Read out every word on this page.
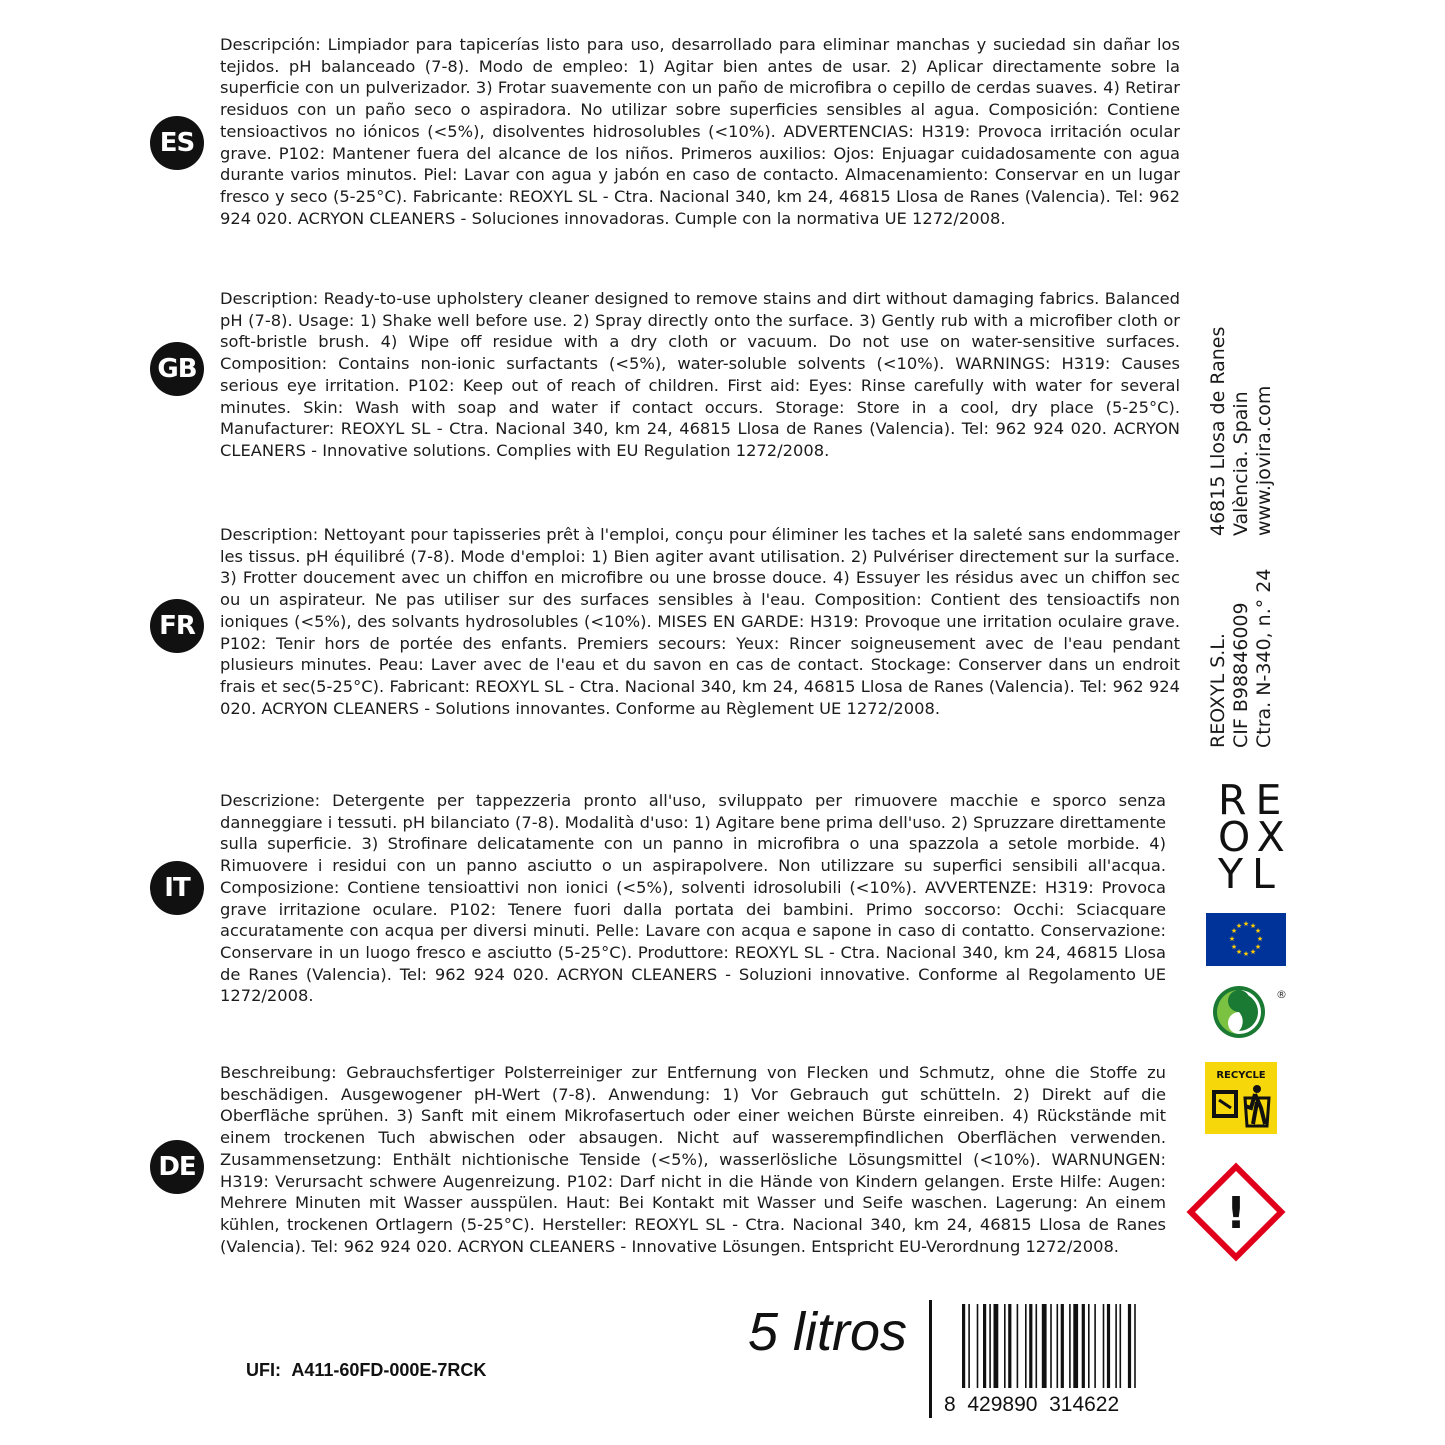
ES

Descripción: Limpiador para tapicerías listo para uso, desarrollado para eliminar manchas y suciedad sin dañar los tejidos. pH balanceado (7-8). Modo de empleo: 1) Agitar bien antes de usar. 2) Aplicar directamente sobre la superficie con un pulverizador. 3) Frotar suavemente con un paño de microfibra o cepillo de cerdas suaves. 4) Retirar residuos con un paño seco o aspiradora. No utilizar sobre superficies sensibles al agua. Composición: Contiene tensioactivos no iónicos (<5%), disolventes hidrosolubles (<10%). ADVERTENCIAS: H319: Provoca irritación ocular grave. P102: Mantener fuera del alcance de los niños. Primeros auxilios: Ojos: Enjuagar cuidadosamente con agua durante varios minutos. Piel: Lavar con agua y jabón en caso de contacto. Almacenamiento: Conservar en un lugar fresco y seco (5-25°C). Fabricante: REOXYL SL - Ctra. Nacional 340, km 24, 46815 Llosa de Ranes (Valencia). Tel: 962 924 020. ACRYON CLEANERS - Soluciones innovadoras. Cumple con la normativa UE 1272/2008.

GB

Description: Ready-to-use upholstery cleaner designed to remove stains and dirt without damaging fabrics. Balanced pH (7-8). Usage: 1) Shake well before use. 2) Spray directly onto the surface. 3) Gently rub with a microfiber cloth or soft-bristle brush. 4) Wipe off residue with a dry cloth or vacuum. Do not use on water-sensitive surfaces. Composition: Contains non-ionic surfactants (<5%), water-soluble solvents (<10%). WARNINGS: H319: Causes serious eye irritation. P102: Keep out of reach of children. First aid: Eyes: Rinse carefully with water for several minutes. Skin: Wash with soap and water if contact occurs. Storage: Store in a cool, dry place (5-25°C). Manufacturer: REOXYL SL - Ctra. Nacional 340, km 24, 46815 Llosa de Ranes (Valencia). Tel: 962 924 020. ACRYON CLEANERS - Innovative solutions. Complies with EU Regulation 1272/2008.

FR

Description: Nettoyant pour tapisseries prêt à l'emploi, conçu pour éliminer les taches et la saleté sans endommager les tissus. pH équilibré (7-8). Mode d'emploi: 1) Bien agiter avant utilisation. 2) Pulvériser directement sur la surface. 3) Frotter doucement avec un chiffon en microfibre ou une brosse douce. 4) Essuyer les résidus avec un chiffon sec ou un aspirateur. Ne pas utiliser sur des surfaces sensibles à l'eau. Composition: Contient des tensioactifs non ioniques (<5%), des solvants hydrosolubles (<10%). MISES EN GARDE: H319: Provoque une irritation oculaire grave. P102: Tenir hors de portée des enfants. Premiers secours: Yeux: Rincer soigneusement avec de l'eau pendant plusieurs minutes. Peau: Laver avec de l'eau et du savon en cas de contact. Stockage: Conserver dans un endroit frais et sec(5-25°C). Fabricant: REOXYL SL - Ctra. Nacional 340, km 24, 46815 Llosa de Ranes (Valencia). Tel: 962 924 020. ACRYON CLEANERS - Solutions innovantes. Conforme au Règlement UE 1272/2008.

IT

Descrizione: Detergente per tappezzeria pronto all'uso, sviluppato per rimuovere macchie e sporco senza danneggiare i tessuti. pH bilanciato (7-8). Modalità d'uso: 1) Agitare bene prima dell'uso. 2) Spruzzare direttamente sulla superficie. 3) Strofinare delicatamente con un panno in microfibra o una spazzola a setole morbide. 4) Rimuovere i residui con un panno asciutto o un aspirapolvere. Non utilizzare su superfici sensibili all'acqua. Composizione: Contiene tensioattivi non ionici (<5%), solventi idrosolubili (<10%). AVVERTENZE: H319: Provoca grave irritazione oculare. P102: Tenere fuori dalla portata dei bambini. Primo soccorso: Occhi: Sciacquare accuratamente con acqua per diversi minuti. Pelle: Lavare con acqua e sapone in caso di contatto. Conservazione: Conservare in un luogo fresco e asciutto (5-25°C). Produttore: REOXYL SL - Ctra. Nacional 340, km 24, 46815 Llosa de Ranes (Valencia). Tel: 962 924 020. ACRYON CLEANERS - Soluzioni innovative. Conforme al Regolamento UE 1272/2008.

DE

Beschreibung: Gebrauchsfertiger Polsterreiniger zur Entfernung von Flecken und Schmutz, ohne die Stoffe zu beschädigen. Ausgewogener pH-Wert (7-8). Anwendung: 1) Vor Gebrauch gut schütteln. 2) Direkt auf die Oberfläche sprühen. 3) Sanft mit einem Mikrofasertuch oder einer weichen Bürste einreiben. 4) Rückstände mit einem trockenen Tuch abwischen oder absaugen. Nicht auf wasserempfindlichen Oberflächen verwenden. Zusammensetzung: Enthält nichtionische Tenside (<5%), wasserlösliche Lösungsmittel (<10%). WARNUNGEN: H319: Verursacht schwere Augenreizung. P102: Darf nicht in die Hände von Kindern gelangen. Erste Hilfe: Augen: Mehrere Minuten mit Wasser ausspülen. Haut: Bei Kontakt mit Wasser und Seife waschen. Lagerung: An einem kühlen, trockenen Ortlagern (5-25°C). Hersteller: REOXYL SL - Ctra. Nacional 340, km 24, 46815 Llosa de Ranes (Valencia). Tel: 962 924 020. ACRYON CLEANERS - Innovative Lösungen. Entspricht EU-Verordnung 1272/2008.

REOXYL S.L. CIF B98846009 Ctra. N-340, n.° 24
46815 Llosa de Ranes València. Spain www.jovira.com
RE
OX
YL
★ ★
★
★
★
★
★
★
★
★
★
★
®
RECYCLE
!
UFI: A411-60FD-000E-7RCK
5 litros
8  429890  314622
